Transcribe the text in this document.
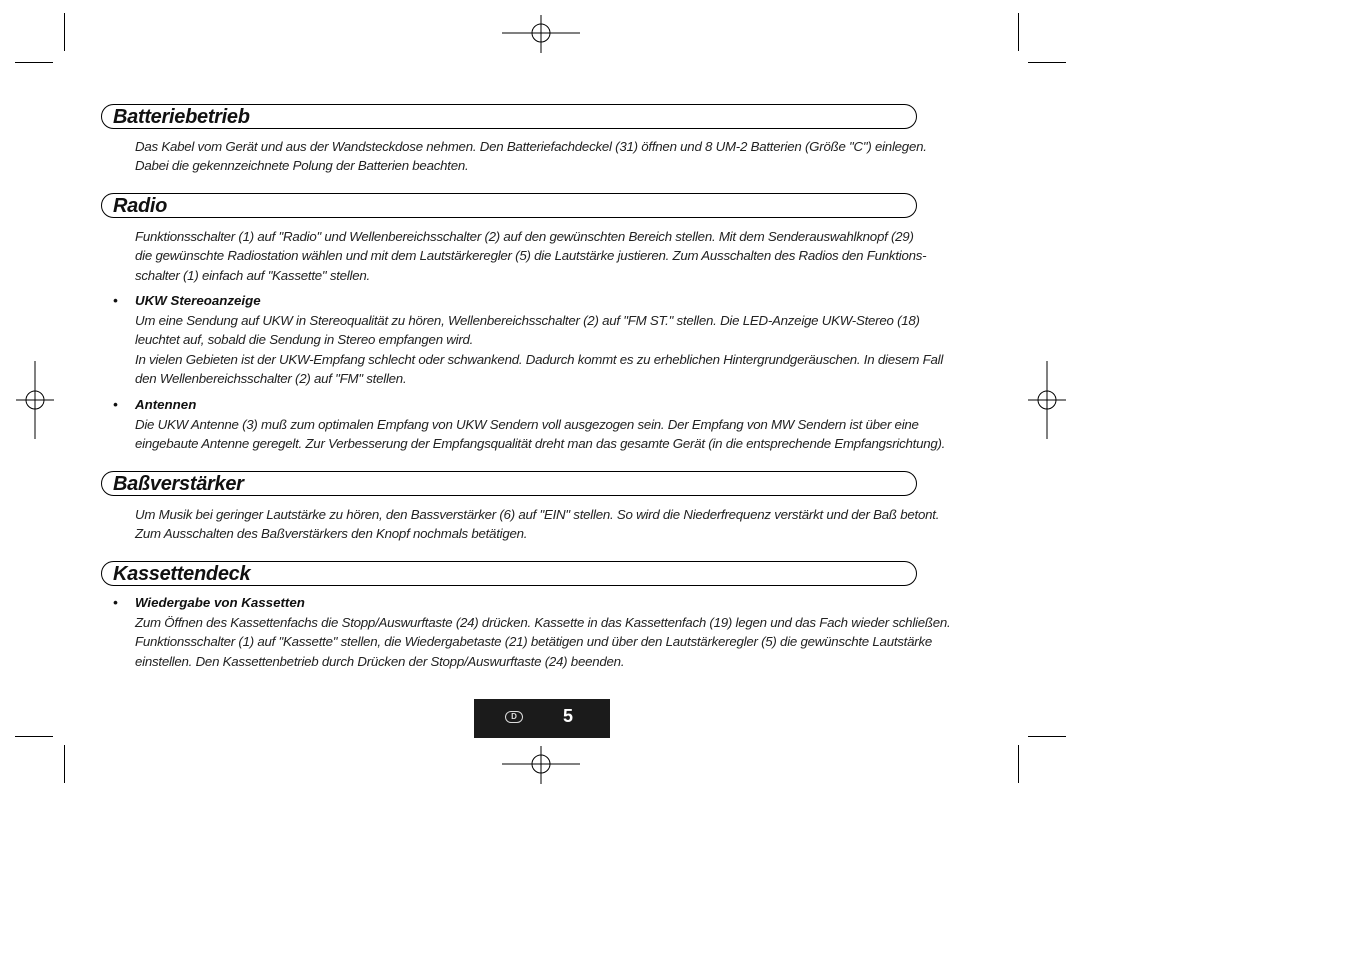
Batteriebetrieb
Das Kabel vom Gerät und aus der Wandsteckdose nehmen. Den Batteriefachdeckel (31) öffnen und 8 UM-2 Batterien (Größe "C") einlegen.
Dabei die gekennzeichnete Polung der Batterien beachten.
Radio
Funktionsschalter (1) auf "Radio" und Wellenbereichsschalter (2) auf den gewünschten Bereich stellen. Mit dem Senderauswahlknopf (29)
die gewünschte Radiostation wählen und mit dem Lautstärkeregler (5) die Lautstärke justieren. Zum Ausschalten des Radios den Funktions-
schalter (1) einfach auf "Kassette" stellen.
• UKW Stereoanzeige
Um eine Sendung auf UKW in Stereoqualität zu hören, Wellenbereichsschalter (2) auf "FM ST." stellen. Die LED-Anzeige UKW-Stereo (18)
leuchtet auf, sobald die Sendung in Stereo empfangen wird.
In vielen Gebieten ist der UKW-Empfang schlecht oder schwankend. Dadurch kommt es zu erheblichen Hintergrundgeräuschen. In diesem Fall
den Wellenbereichsschalter (2) auf "FM" stellen.
• Antennen
Die UKW Antenne (3) muß zum optimalen Empfang von UKW Sendern voll ausgezogen sein. Der Empfang von MW Sendern ist über eine
eingebaute Antenne geregelt. Zur Verbesserung der Empfangsqualität dreht man das gesamte Gerät (in die entsprechende Empfangsrichtung).
Baßverstärker
Um Musik bei geringer Lautstärke zu hören, den Bassverstärker (6) auf "EIN" stellen. So wird die Niederfrequenz verstärkt und der Baß betont.
Zum Ausschalten des Baßverstärkers den Knopf nochmals betätigen.
Kassettendeck
• Wiedergabe von Kassetten
Zum Öffnen des Kassettenfachs die Stopp/Auswurftaste (24) drücken. Kassette in das Kassettenfach (19) legen und das Fach wieder schließen.
Funktionsschalter (1) auf "Kassette" stellen, die Wiedergabetaste (21) betätigen und über den Lautstärkeregler (5) die gewünschte Lautstärke
einstellen. Den Kassettenbetrieb durch Drücken der Stopp/Auswurftaste (24) beenden.
D	5
